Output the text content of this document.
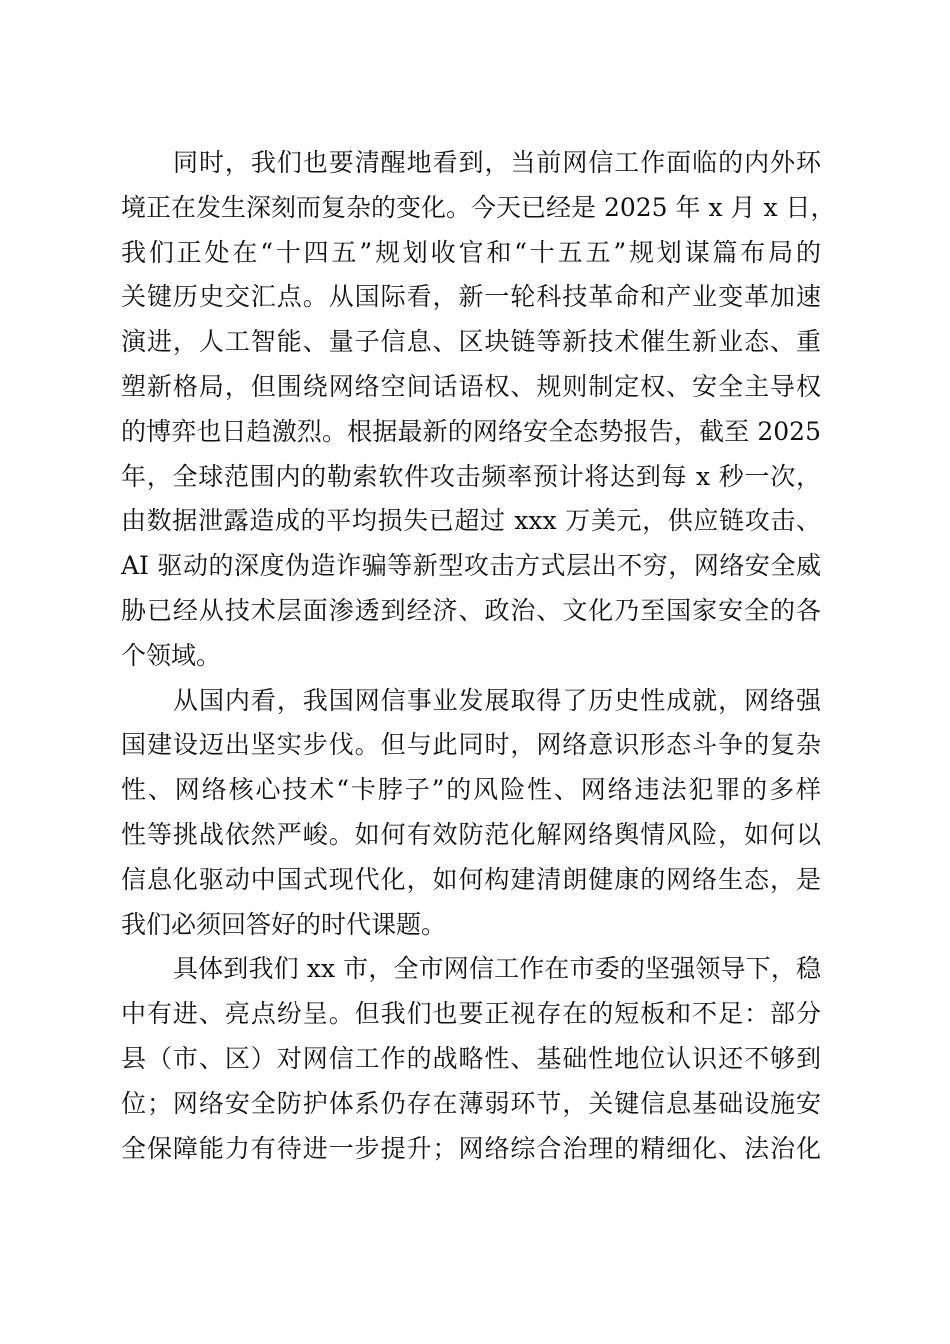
同时，我们也要清醒地看到，当前网信工作面临的内外环
境正在发生深刻而复杂的变化。今天已经是 2025 年 x 月 x 日，
我们正处在“十四五”规划收官和“十五五”规划谋篇布局的
关键历史交汇点。从国际看，新一轮科技革命和产业变革加速
演进，人工智能、量子信息、区块链等新技术催生新业态、重
塑新格局，但围绕网络空间话语权、规则制定权、安全主导权
的博弈也日趋激烈。根据最新的网络安全态势报告，截至 2025
年，全球范围内的勒索软件攻击频率预计将达到每 x 秒一次，
由数据泄露造成的平均损失已超过 xxx 万美元，供应链攻击、
AI 驱动的深度伪造诈骗等新型攻击方式层出不穷，网络安全威
胁已经从技术层面渗透到经济、政治、文化乃至国家安全的各
个领域。
从国内看，我国网信事业发展取得了历史性成就，网络强
国建设迈出坚实步伐。但与此同时，网络意识形态斗争的复杂
性、网络核心技术“卡脖子”的风险性、网络违法犯罪的多样
性等挑战依然严峻。如何有效防范化解网络舆情风险，如何以
信息化驱动中国式现代化，如何构建清朗健康的网络生态，是
我们必须回答好的时代课题。
具体到我们 xx 市，全市网信工作在市委的坚强领导下，稳
中有进、亮点纷呈。但我们也要正视存在的短板和不足：部分
县（市、区）对网信工作的战略性、基础性地位认识还不够到
位；网络安全防护体系仍存在薄弱环节，关键信息基础设施安
全保障能力有待进一步提升；网络综合治理的精细化、法治化
